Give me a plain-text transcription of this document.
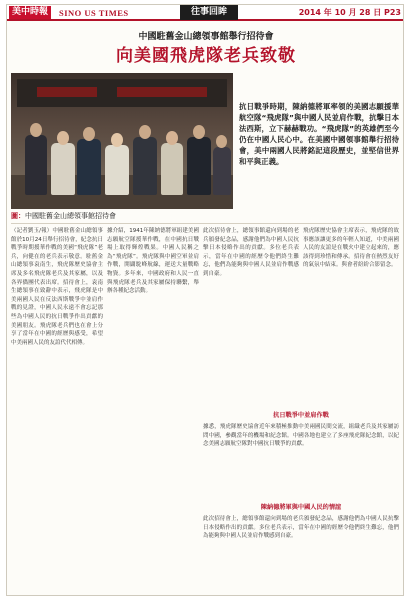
美中時報	SINO US TIMES	往事回眸	2014 年 10 月 28 日 P23
中國駐舊金山總領事館舉行招待會
向美國飛虎隊老兵致敬
圖：中國駐舊金山總領事館招待會
抗日戰爭時期，陳納德將軍率領的美國志願援華航空隊“飛虎隊”與中國人民並肩作戰，抗擊日本法西斯，立下赫赫戰功。“飛虎隊”的英雄們至今仍在中國人民心中。在美國中國領事館舉行招待會，美中兩國人民將銘記這段歷史，並堅信世界和平與正義。
（記者劉玉/報）中國駐舊金山總領事館於10月24日舉行招待會，紀念抗日戰爭時期援華作戰的美國“飛虎隊”老兵，向健在的老兵表示敬意。駐舊金山總領事袁南生，飛虎隊歷史協會主席及多名飛虎隊老兵及其家屬，以及各界僑團代表出席。招待會上，袁南生總領事在致辭中表示，飛虎隊是中美兩國人民在反法西斯戰爭中並肩作戰的見證，中國人民永遠不會忘記那些為中國人民的抗日戰爭作出貢獻的美國朋友。飛虎隊老兵們也在會上分享了當年在中國的經歷與感受，希望中美兩國人民的友誼代代相傳。
據介紹，1941年陳納德將軍組建美國志願航空隊援華作戰，在中國抗日戰場上取得輝煌戰果。中國人民稱之為“飛虎隊”。飛虎隊與中國空軍並肩作戰，開闢駝峰航線，運送大量戰略物資。多年來，中國政府和人民一直與飛虎隊老兵及其家屬保持聯繫，舉辦各種紀念活動。
此次招待會上，總領事館還向到場的老兵頒發紀念品，感謝他們為中國人民抗擊日本侵略作出的貢獻。多位老兵表示，當年在中國的經歷令他們終生難忘，他們為能夠與中國人民並肩作戰感到自豪。
飛虎隊歷史協會主席表示，飛虎隊的故事應該讓更多的年輕人知道，中美兩國人民的友誼是在戰火中建立起來的，應該得到珍惜和傳承。招待會在熱烈友好的氣氛中結束。與會者紛紛合影留念。
抗日戰爭中並肩作戰
據悉，飛虎隊歷史協會近年來積極推動中美兩國民間交流，組織老兵及其家屬訪問中國，參觀當年的機場和紀念館。中國各地也建立了多座飛虎隊紀念館，以紀念美國志願航空隊對中國抗日戰爭的貢獻。
陳納德將軍與中國人民的情誼
此次招待會上，總領事館還向到場的老兵頒發紀念品，感謝他們為中國人民抗擊日本侵略作出的貢獻。多位老兵表示，當年在中國的經歷令他們終生難忘，他們為能夠與中國人民並肩作戰感到自豪。
